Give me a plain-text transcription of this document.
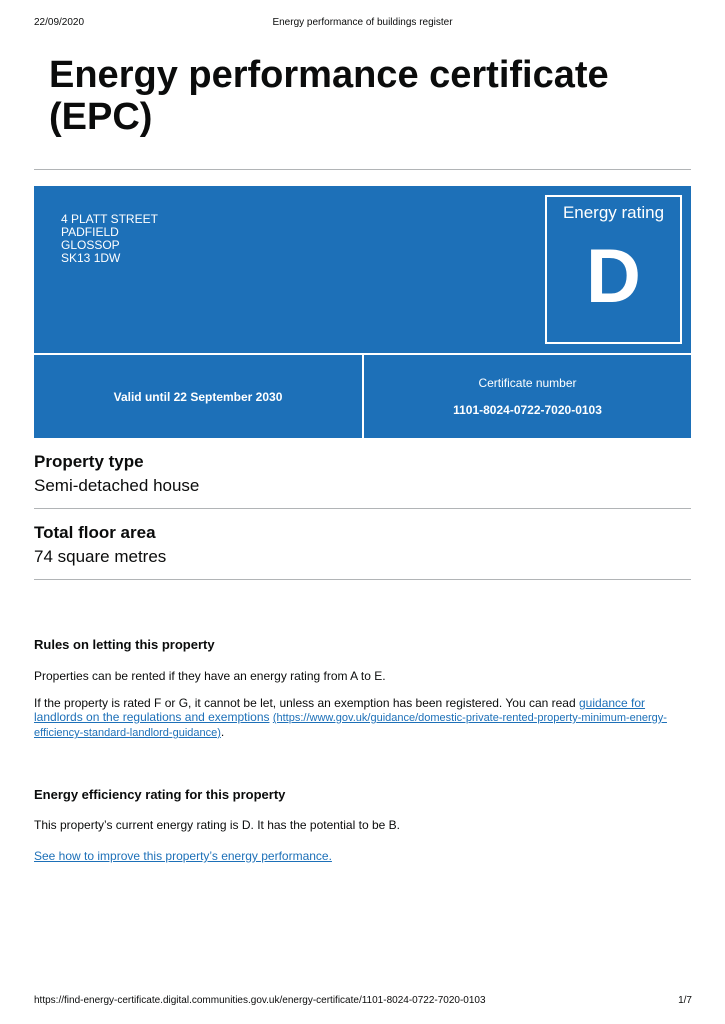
22/09/2020	Energy performance of buildings register
Energy performance certificate (EPC)
4 PLATT STREET
PADFIELD
GLOSSOP
SK13 1DW
Energy rating
D
Valid until 22 September 2030
Certificate number
1101-8024-0722-7020-0103
Property type
Semi-detached house
Total floor area
74 square metres
Rules on letting this property
Properties can be rented if they have an energy rating from A to E.
If the property is rated F or G, it cannot be let, unless an exemption has been registered. You can read guidance for landlords on the regulations and exemptions (https://www.gov.uk/guidance/domestic-private-rented-property-minimum-energy-efficiency-standard-landlord-guidance).
Energy efficiency rating for this property
This property’s current energy rating is D. It has the potential to be B.
See how to improve this property’s energy performance.
https://find-energy-certificate.digital.communities.gov.uk/energy-certificate/1101-8024-0722-7020-0103	1/7
